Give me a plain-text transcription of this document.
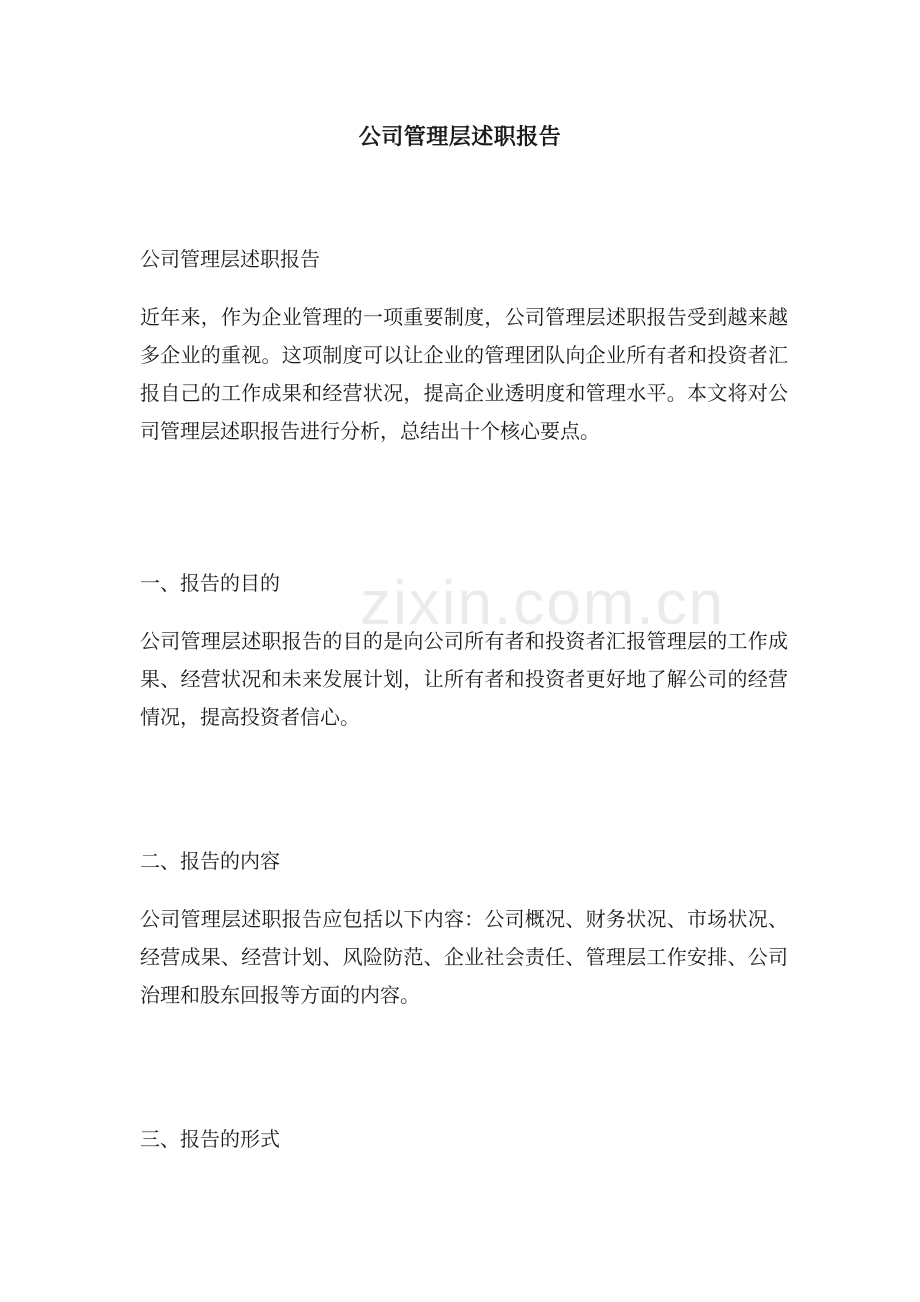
zixin.com.cn
公司管理层述职报告

公司管理层述职报告

近年来，作为企业管理的一项重要制度，公司管理层述职报告受到越来越多企业的重视。这项制度可以让企业的管理团队向企业所有者和投资者汇报自己的工作成果和经营状况，提高企业透明度和管理水平。本文将对公司管理层述职报告进行分析，总结出十个核心要点。

一、报告的目的

公司管理层述职报告的目的是向公司所有者和投资者汇报管理层的工作成果、经营状况和未来发展计划，让所有者和投资者更好地了解公司的经营情况，提高投资者信心。

二、报告的内容

公司管理层述职报告应包括以下内容：公司概况、财务状况、市场状况、经营成果、经营计划、风险防范、企业社会责任、管理层工作安排、公司治理和股东回报等方面的内容。

三、报告的形式
